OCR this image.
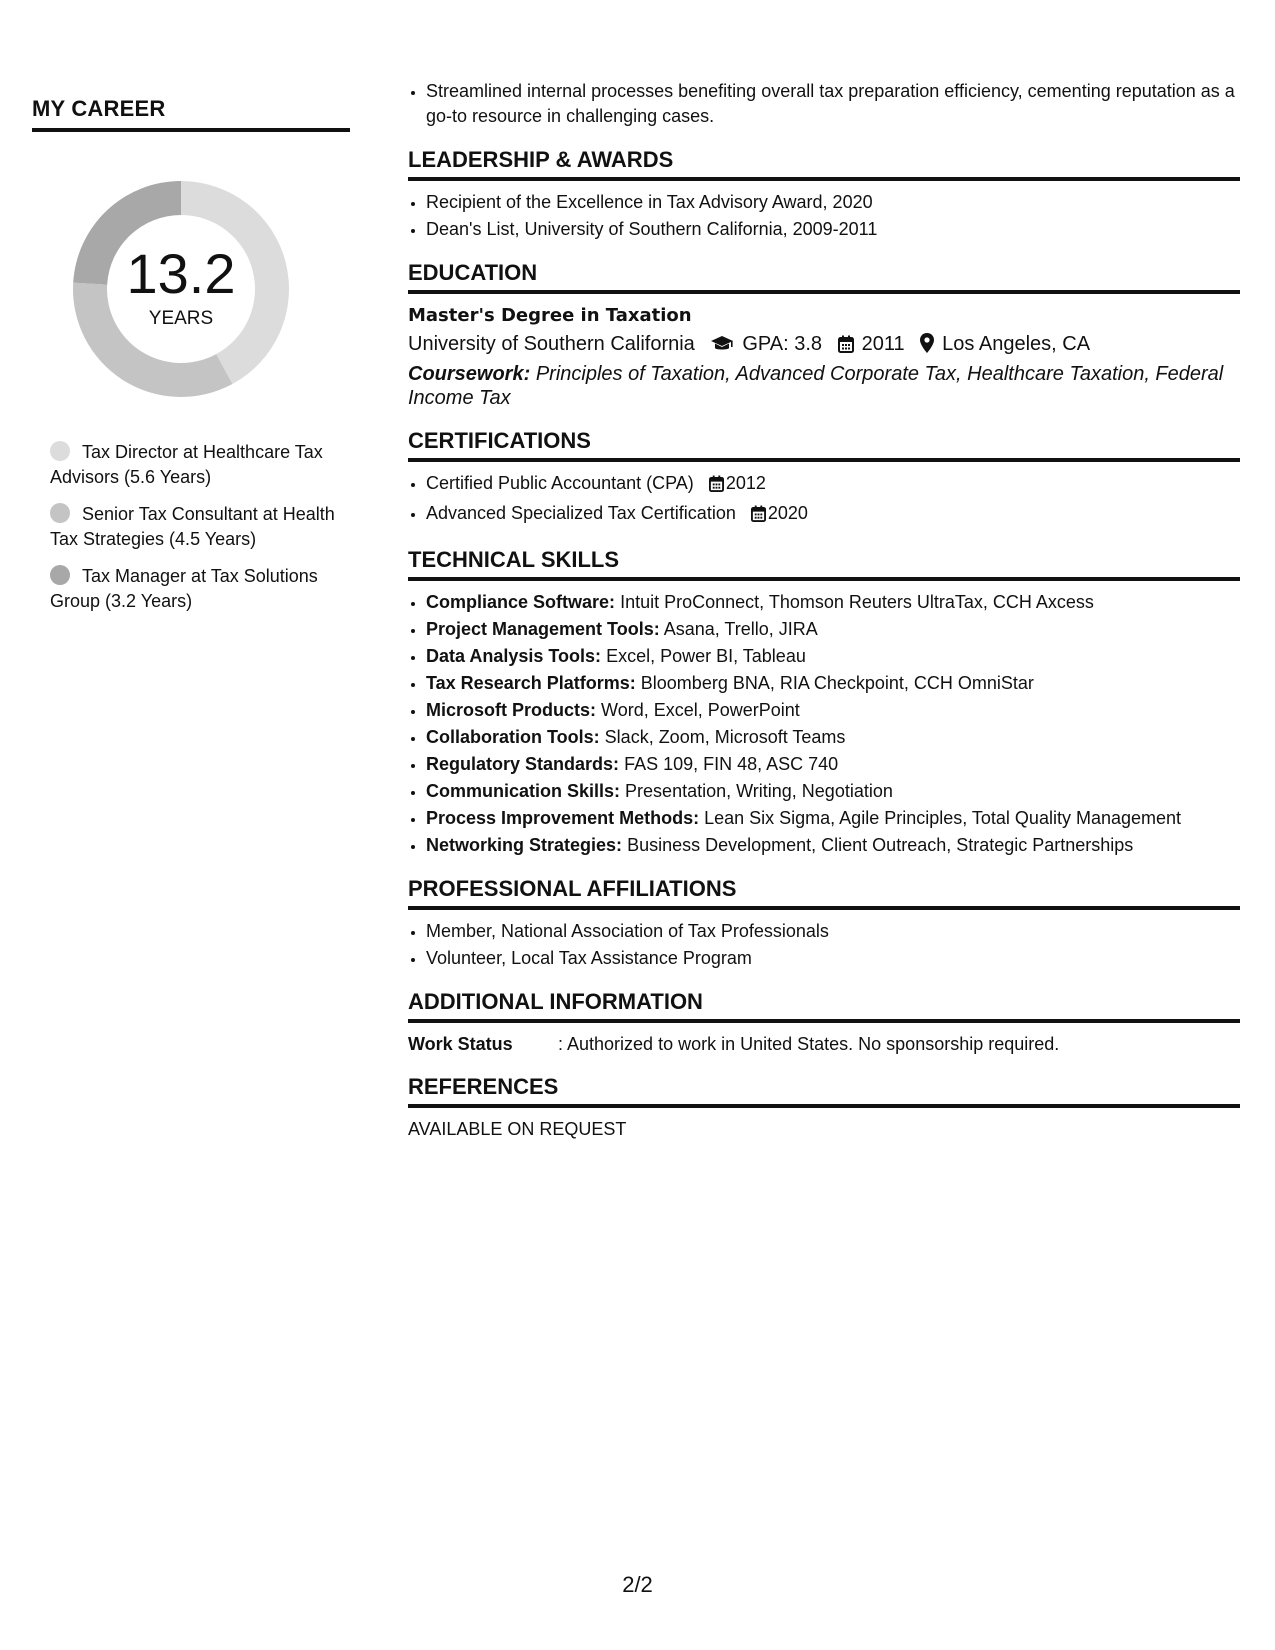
MY CAREER
13.2
YEARS
Tax Director at Healthcare Tax Advisors (5.6 Years)
Senior Tax Consultant at Health Tax Strategies (4.5 Years)
Tax Manager at Tax Solutions Group (3.2 Years)
• Streamlined internal processes benefiting overall tax preparation efficiency, cementing reputation as a go-to resource in challenging cases.
LEADERSHIP & AWARDS
• Recipient of the Excellence in Tax Advisory Award, 2020
• Dean's List, University of Southern California, 2009-2011
EDUCATION
Master's Degree in Taxation
University of Southern California GPA: 3.8 2011 Los Angeles, CA
Coursework: Principles of Taxation, Advanced Corporate Tax, Healthcare Taxation, Federal Income Tax
CERTIFICATIONS
• Certified Public Accountant (CPA) 2012
• Advanced Specialized Tax Certification 2020
TECHNICAL SKILLS
• Compliance Software: Intuit ProConnect, Thomson Reuters UltraTax, CCH Axcess
• Project Management Tools: Asana, Trello, JIRA
• Data Analysis Tools: Excel, Power BI, Tableau
• Tax Research Platforms: Bloomberg BNA, RIA Checkpoint, CCH OmniStar
• Microsoft Products: Word, Excel, PowerPoint
• Collaboration Tools: Slack, Zoom, Microsoft Teams
• Regulatory Standards: FAS 109, FIN 48, ASC 740
• Communication Skills: Presentation, Writing, Negotiation
• Process Improvement Methods: Lean Six Sigma, Agile Principles, Total Quality Management
• Networking Strategies: Business Development, Client Outreach, Strategic Partnerships
PROFESSIONAL AFFILIATIONS
• Member, National Association of Tax Professionals
• Volunteer, Local Tax Assistance Program
ADDITIONAL INFORMATION
Work Status	: Authorized to work in United States. No sponsorship required.
REFERENCES
AVAILABLE ON REQUEST
2/2
